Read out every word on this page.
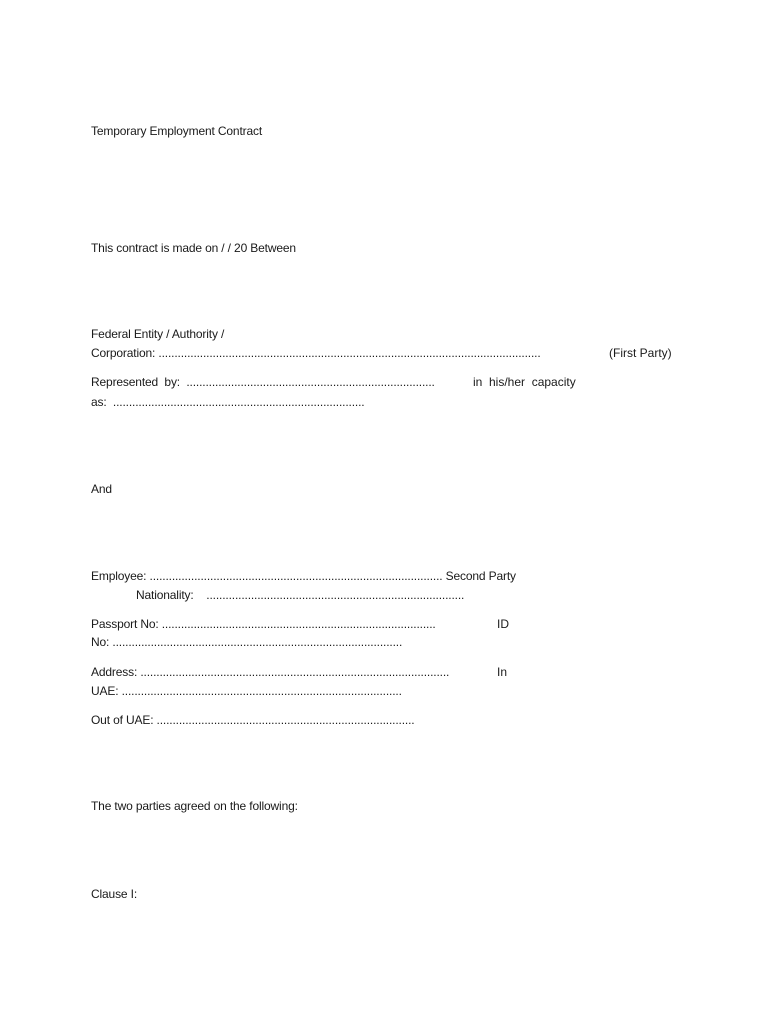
Temporary Employment Contract
This contract is made on / / 20 Between
Federal Entity / Authority /
Corporation: ........................................................................................................................	(First Party)
Represented  by:  ..............................................................................	in  his/her  capacity
as:  ...............................................................................
And
Employee: ............................................................................................ Second Party
Nationality:    .................................................................................
Passport No: ......................................................................................	ID
No: ...........................................................................................
Address: .................................................................................................	In
UAE: ........................................................................................
Out of UAE: .................................................................................
The two parties agreed on the following:
Clause I:
